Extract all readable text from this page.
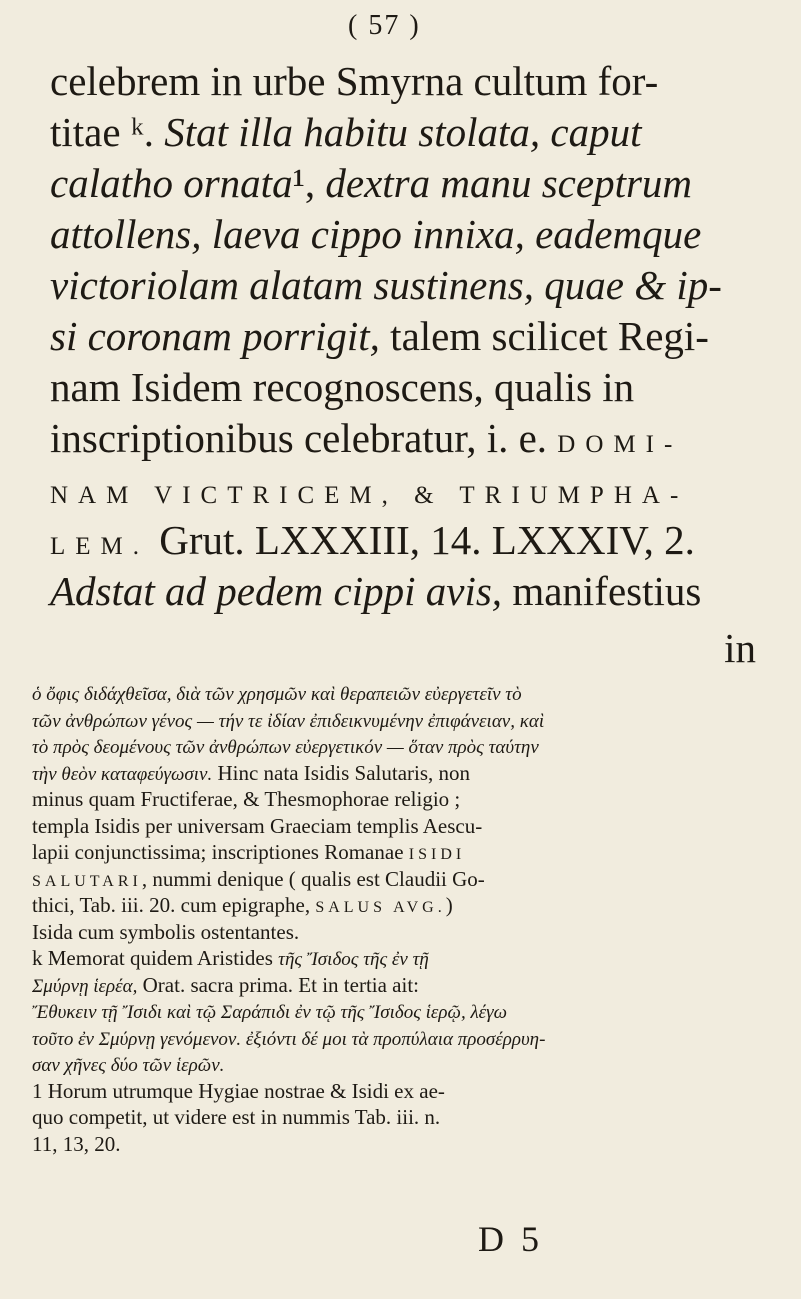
( 57 )
celebrem in urbe Smyrna cultum for-
titae ᵏ. Stat illa habitu stolata, caput
calatho ornata¹, dextra manu sceptrum
attollens, laeva cippo innixa, eademque
victoriolam alatam sustinens, quae & ip-
si coronam porrigit, talem scilicet Regi-
nam Isidem recognoscens, qualis in
inscriptionibus celebratur, i. e. DOMI-
NAM VICTRICEM, & TRIUMPHA-
LEM. Grut. LXXXIII, 14. LXXXIV, 2.
Adstat ad pedem cippi avis, manifestius
in
ὁ ὄφις διδάχθεῖσα, διὰ τῶν χρησμῶν καὶ θεραπειῶν εὐεργετεῖν τὸ
τῶν ἀνθρώπων γένος — τήν τε ἰδίαν ἐπιδεικνυμένην ἐπιφάνειαν, καὶ
τὸ πρὸς δεομένους τῶν ἀνθρώπων εὐεργετικόν — ὅταν πρὸς ταύτην
τὴν θεὸν καταφεύγωσιν. Hinc nata Isidis Salutaris, non
minus quam Fructiferae, & Thesmophorae religio ;
templa Isidis per universam Graeciam templis Aescu-
lapii conjunctissima; inscriptiones Romanae ISIDI
SALUTARI, nummi denique ( qualis est Claudii Go-
thici, Tab. iii. 20. cum epigraphe, SALUS AVG.)
Isida cum symbolis ostentantes.
k Memorat quidem Aristides τῆς Ἴσιδος τῆς ἐν τῇ
Σμύρνῃ ἱερέα, Orat. sacra prima. Et in tertia ait:
Ἔθυκειν τῇ Ἴσιδι καὶ τῷ Σαράπιδι ἐν τῷ τῆς Ἴσιδος ἱερῷ, λέγω
τοῦτο ἐν Σμύρνῃ γενόμενον. ἐξιόντι δέ μοι τὰ προπύλαια προσέρρυη-
σαν χῆνες δύο τῶν ἱερῶν.
1 Horum utrumque Hygiae nostrae & Isidi ex ae-
quo competit, ut videre est in nummis Tab. iii. n.
11, 13, 20.
D 5
